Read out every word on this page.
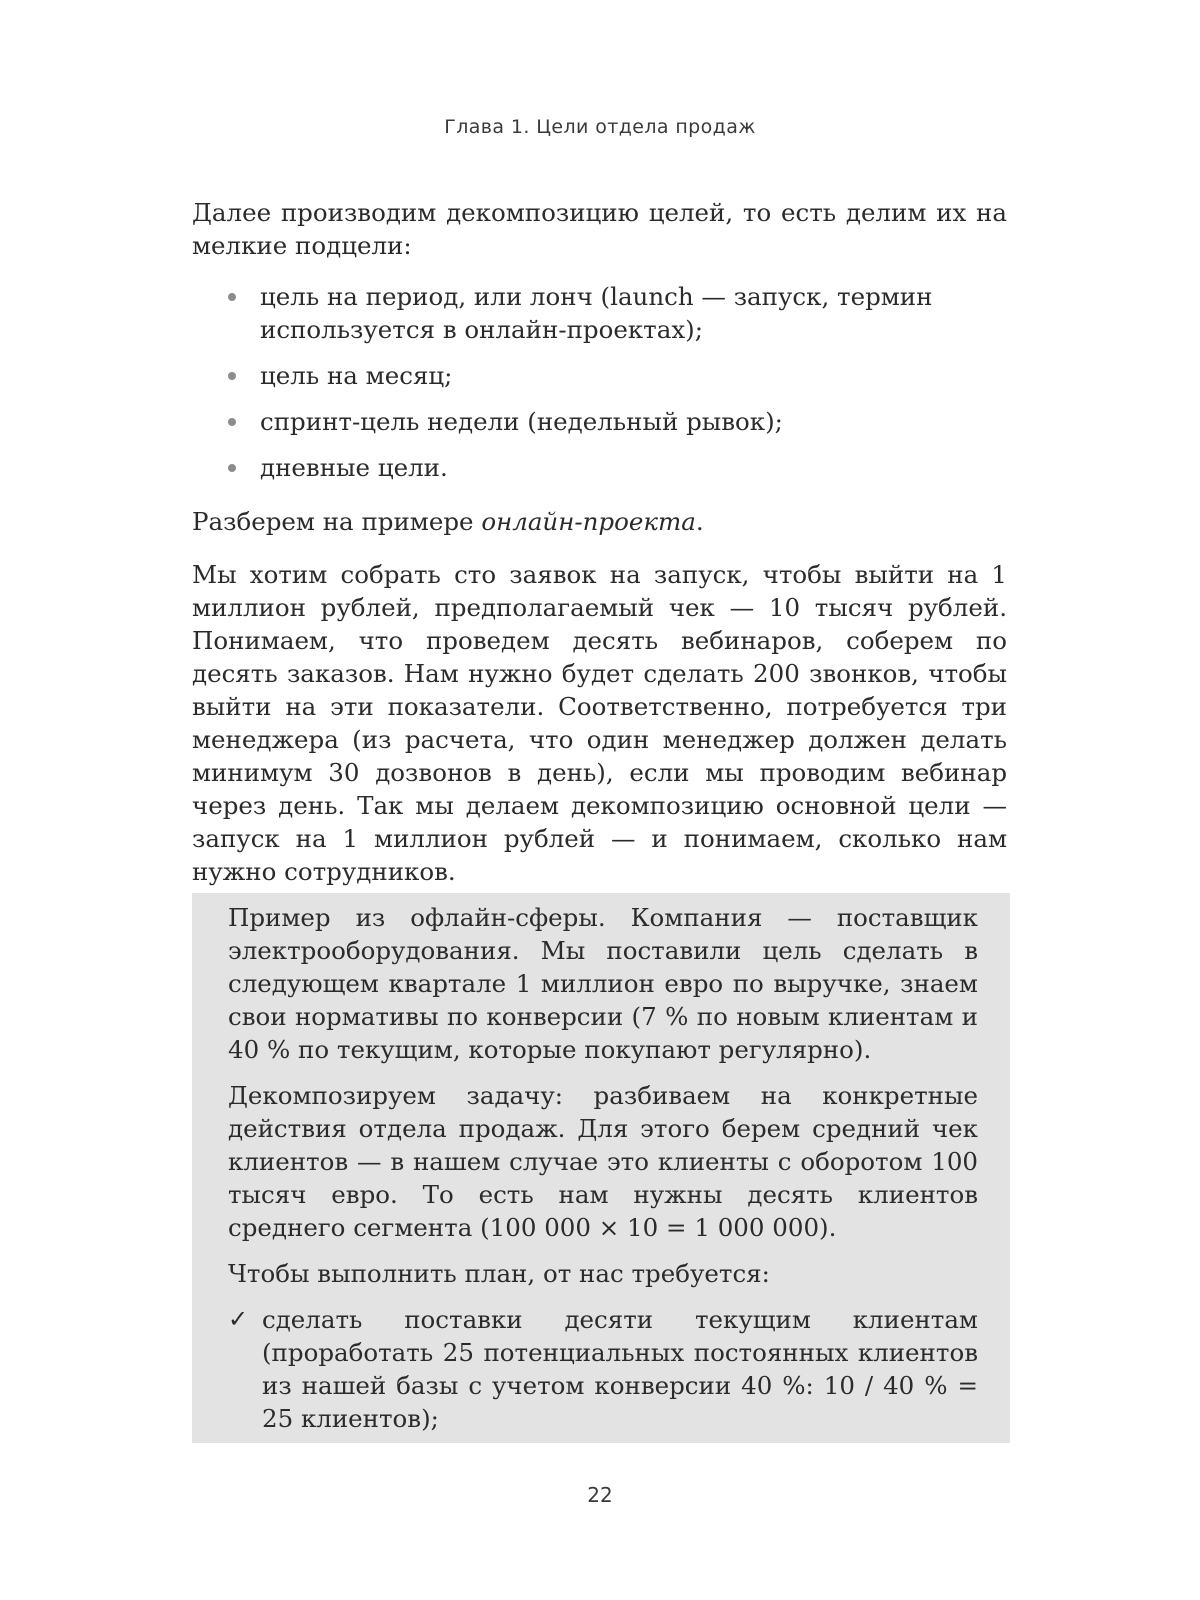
Глава 1. Цели отдела продаж

Далее производим декомпозицию целей, то есть делим их на мелкие подцели:

цель на период, или лонч (launch — запуск, термин используется в онлайн-проектах);
цель на месяц;
спринт-цель недели (недельный рывок);
дневные цели.

Разберем на примере онлайн-проекта.

Мы хотим собрать сто заявок на запуск, чтобы выйти на 1 миллион рублей, предполагаемый чек — 10 тысяч рублей. Понимаем, что проведем десять вебинаров, соберем по десять заказов. Нам нужно будет сделать 200 звонков, чтобы выйти на эти показатели. Соответственно, потребуется три менеджера (из расчета, что один менеджер должен делать минимум 30 дозвонов в день), если мы проводим вебинар через день. Так мы делаем декомпозицию основной цели — запуск на 1 миллион рублей — и понимаем, сколько нам нужно сотрудников.

Пример из офлайн-сферы. Компания — поставщик электрооборудования. Мы поставили цель сделать в следующем квартале 1 миллион евро по выручке, знаем свои нормативы по конверсии (7 % по новым клиентам и 40 % по текущим, которые покупают регулярно).

Декомпозируем задачу: разбиваем на конкретные действия отдела продаж. Для этого берем средний чек клиентов — в нашем случае это клиенты с оборотом 100 тысяч евро. То есть нам нужны десять клиентов среднего сегмента (100 000 × 10 = 1 000 000).

Чтобы выполнить план, от нас требуется:

✓ сделать поставки десяти текущим клиентам (проработать 25 потенциальных постоянных клиентов из нашей базы с учетом конверсии 40 %: 10 / 40 % = 25 клиентов);
22
